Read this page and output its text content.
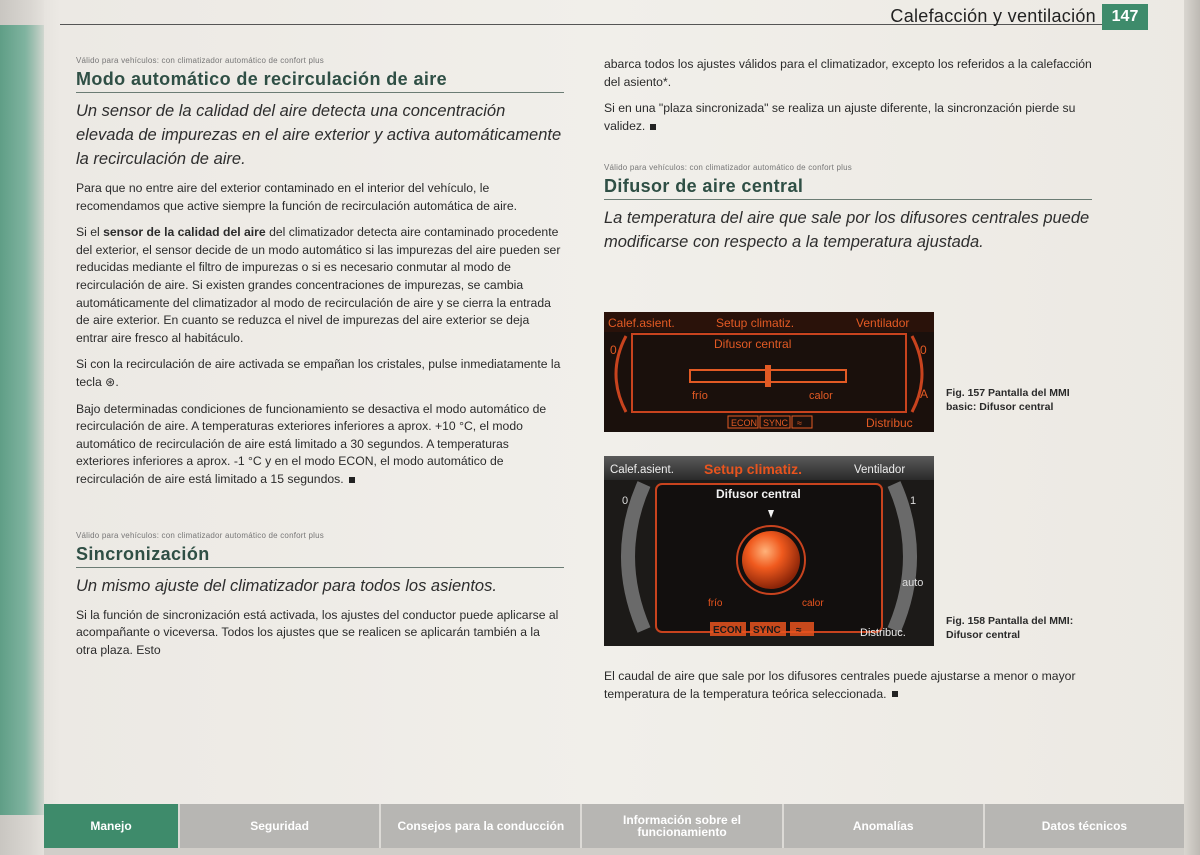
Calefacción y ventilación 147
Válido para vehículos: con climatizador automático de confort plus
Modo automático de recirculación de aire
Un sensor de la calidad del aire detecta una concentración elevada de impurezas en el aire exterior y activa automáticamente la recirculación de aire.

Para que no entre aire del exterior contaminado en el interior del vehículo, le recomendamos que active siempre la función de recirculación automática de aire.

Si el sensor de la calidad del aire del climatizador detecta aire contaminado procedente del exterior, el sensor decide de un modo automático si las impurezas del aire pueden ser reducidas mediante el filtro de impurezas o si es necesario conmutar al modo de recirculación de aire. Si existen grandes concentraciones de impurezas, se cambia automáticamente del climatizador al modo de recirculación de aire y se cierra la entrada de aire exterior. En cuanto se reduzca el nivel de impurezas del aire exterior se deja entrar aire fresco al habitáculo.

Si con la recirculación de aire activada se empañan los cristales, pulse inmediatamente la tecla ⊛.

Bajo determinadas condiciones de funcionamiento se desactiva el modo automático de recirculación de aire. A temperaturas exteriores inferiores a aprox. +10 °C, el modo automático de recirculación de aire está limitado a 30 segundos. A temperaturas exteriores inferiores a aprox. -1 °C y en el modo ECON, el modo automático de recirculación de aire está limitado a 15 segundos.

Válido para vehículos: con climatizador automático de confort plus
Sincronización
Un mismo ajuste del climatizador para todos los asientos.

Si la función de sincronización está activada, los ajustes del conductor puede aplicarse al acompañante o viceversa. Todos los ajustes que se realicen se aplicarán también a la otra plaza. Esto

abarca todos los ajustes válidos para el climatizador, excepto los referidos a la calefacción del asiento*.

Si en una "plaza sincronizada" se realiza un ajuste diferente, la sincronzación pierde su validez.

Válido para vehículos: con climatizador automático de confort plus
Difusor de aire central
La temperatura del aire que sale por los difusores centrales puede modificarse con respecto a la temperatura ajustada.
Calef.asient.	Setup climatiz.	Ventilador
Difusor central
0	0
frío	calor	A
ECON SYNC ≈	Distribuc
Fig. 157 Pantalla del MMI basic: Difusor central
Calef.asient. Setup climatiz.	Ventilador
Difusor central
0	1
auto
frío	calor
ECON SYNC ≈	Distribuc.
Fig. 158 Pantalla del MMI: Difusor central

El caudal de aire que sale por los difusores centrales puede ajustarse a menor o mayor temperatura de la temperatura teórica seleccionada.

Manejo	Seguridad	Consejos para la conducción	Información sobre el funcionamiento	Anomalías	Datos técnicos
